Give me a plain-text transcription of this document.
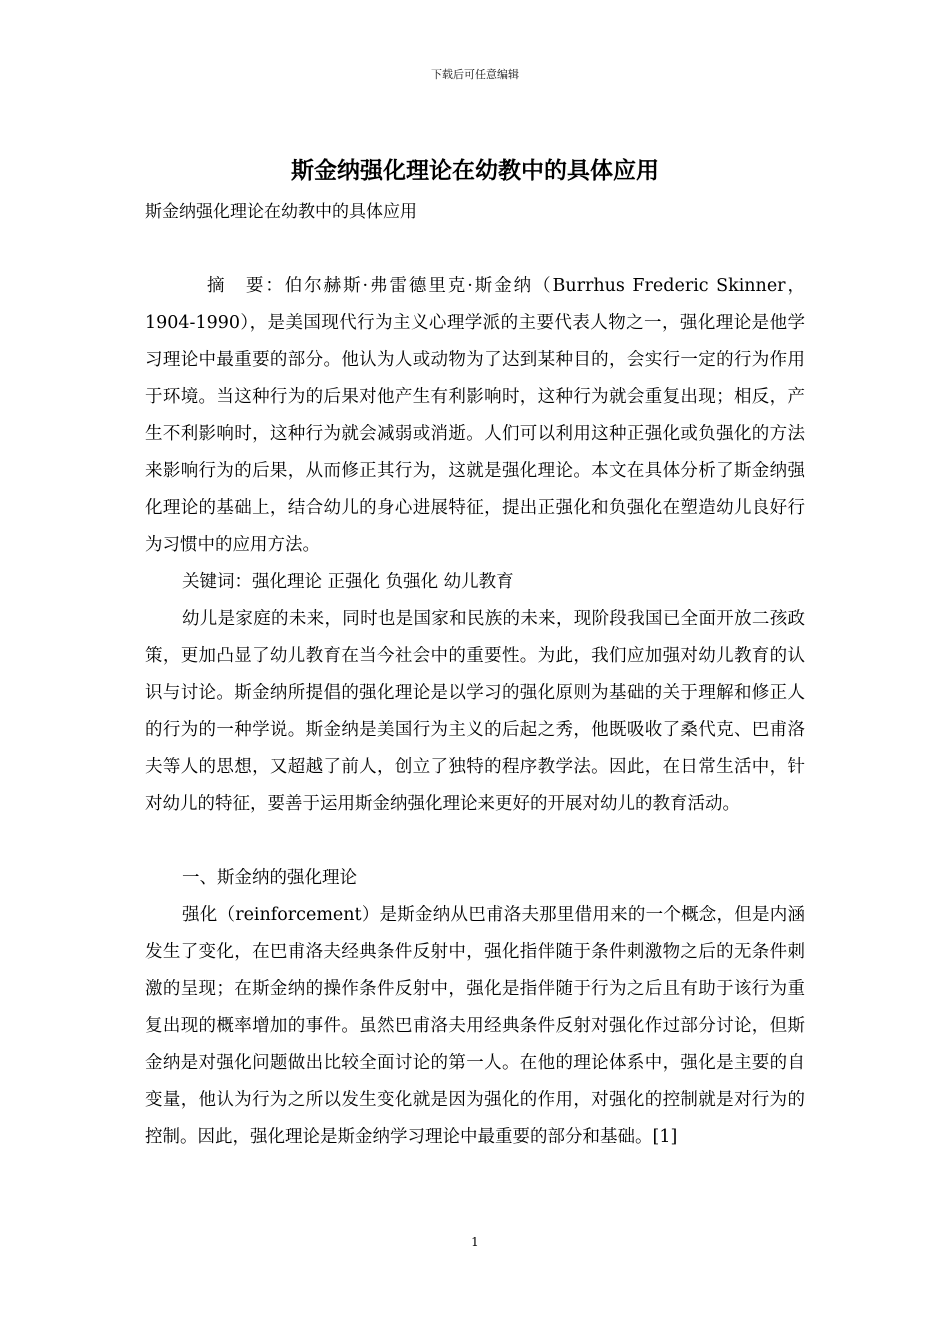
下载后可任意编辑
斯金纳强化理论在幼教中的具体应用
斯金纳强化理论在幼教中的具体应用

摘　要：伯尔赫斯·弗雷德里克·斯金纳（Burrhus Frederic Skinner，1904-1990），是美国现代行为主义心理学派的主要代表人物之一，强化理论是他学习理论中最重要的部分。他认为人或动物为了达到某种目的，会实行一定的行为作用于环境。当这种行为的后果对他产生有利影响时，这种行为就会重复出现；相反，产生不利影响时，这种行为就会减弱或消逝。人们可以利用这种正强化或负强化的方法来影响行为的后果，从而修正其行为，这就是强化理论。本文在具体分析了斯金纳强化理论的基础上，结合幼儿的身心进展特征，提出正强化和负强化在塑造幼儿良好行为习惯中的应用方法。

关键词：强化理论 正强化 负强化 幼儿教育

幼儿是家庭的未来，同时也是国家和民族的未来，现阶段我国已全面开放二孩政策，更加凸显了幼儿教育在当今社会中的重要性。为此，我们应加强对幼儿教育的认识与讨论。斯金纳所提倡的强化理论是以学习的强化原则为基础的关于理解和修正人的行为的一种学说。斯金纳是美国行为主义的后起之秀，他既吸收了桑代克、巴甫洛夫等人的思想，又超越了前人，创立了独特的程序教学法。因此，在日常生活中，针对幼儿的特征，要善于运用斯金纳强化理论来更好的开展对幼儿的教育活动。

一、斯金纳的强化理论

强化（reinforcement）是斯金纳从巴甫洛夫那里借用来的一个概念，但是内涵发生了变化，在巴甫洛夫经典条件反射中，强化指伴随于条件刺激物之后的无条件刺激的呈现；在斯金纳的操作条件反射中，强化是指伴随于行为之后且有助于该行为重复出现的概率增加的事件。虽然巴甫洛夫用经典条件反射对强化作过部分讨论，但斯金纳是对强化问题做出比较全面讨论的第一人。在他的理论体系中，强化是主要的自变量，他认为行为之所以发生变化就是因为强化的作用，对强化的控制就是对行为的控制。因此，强化理论是斯金纳学习理论中最重要的部分和基础。[1]

1
